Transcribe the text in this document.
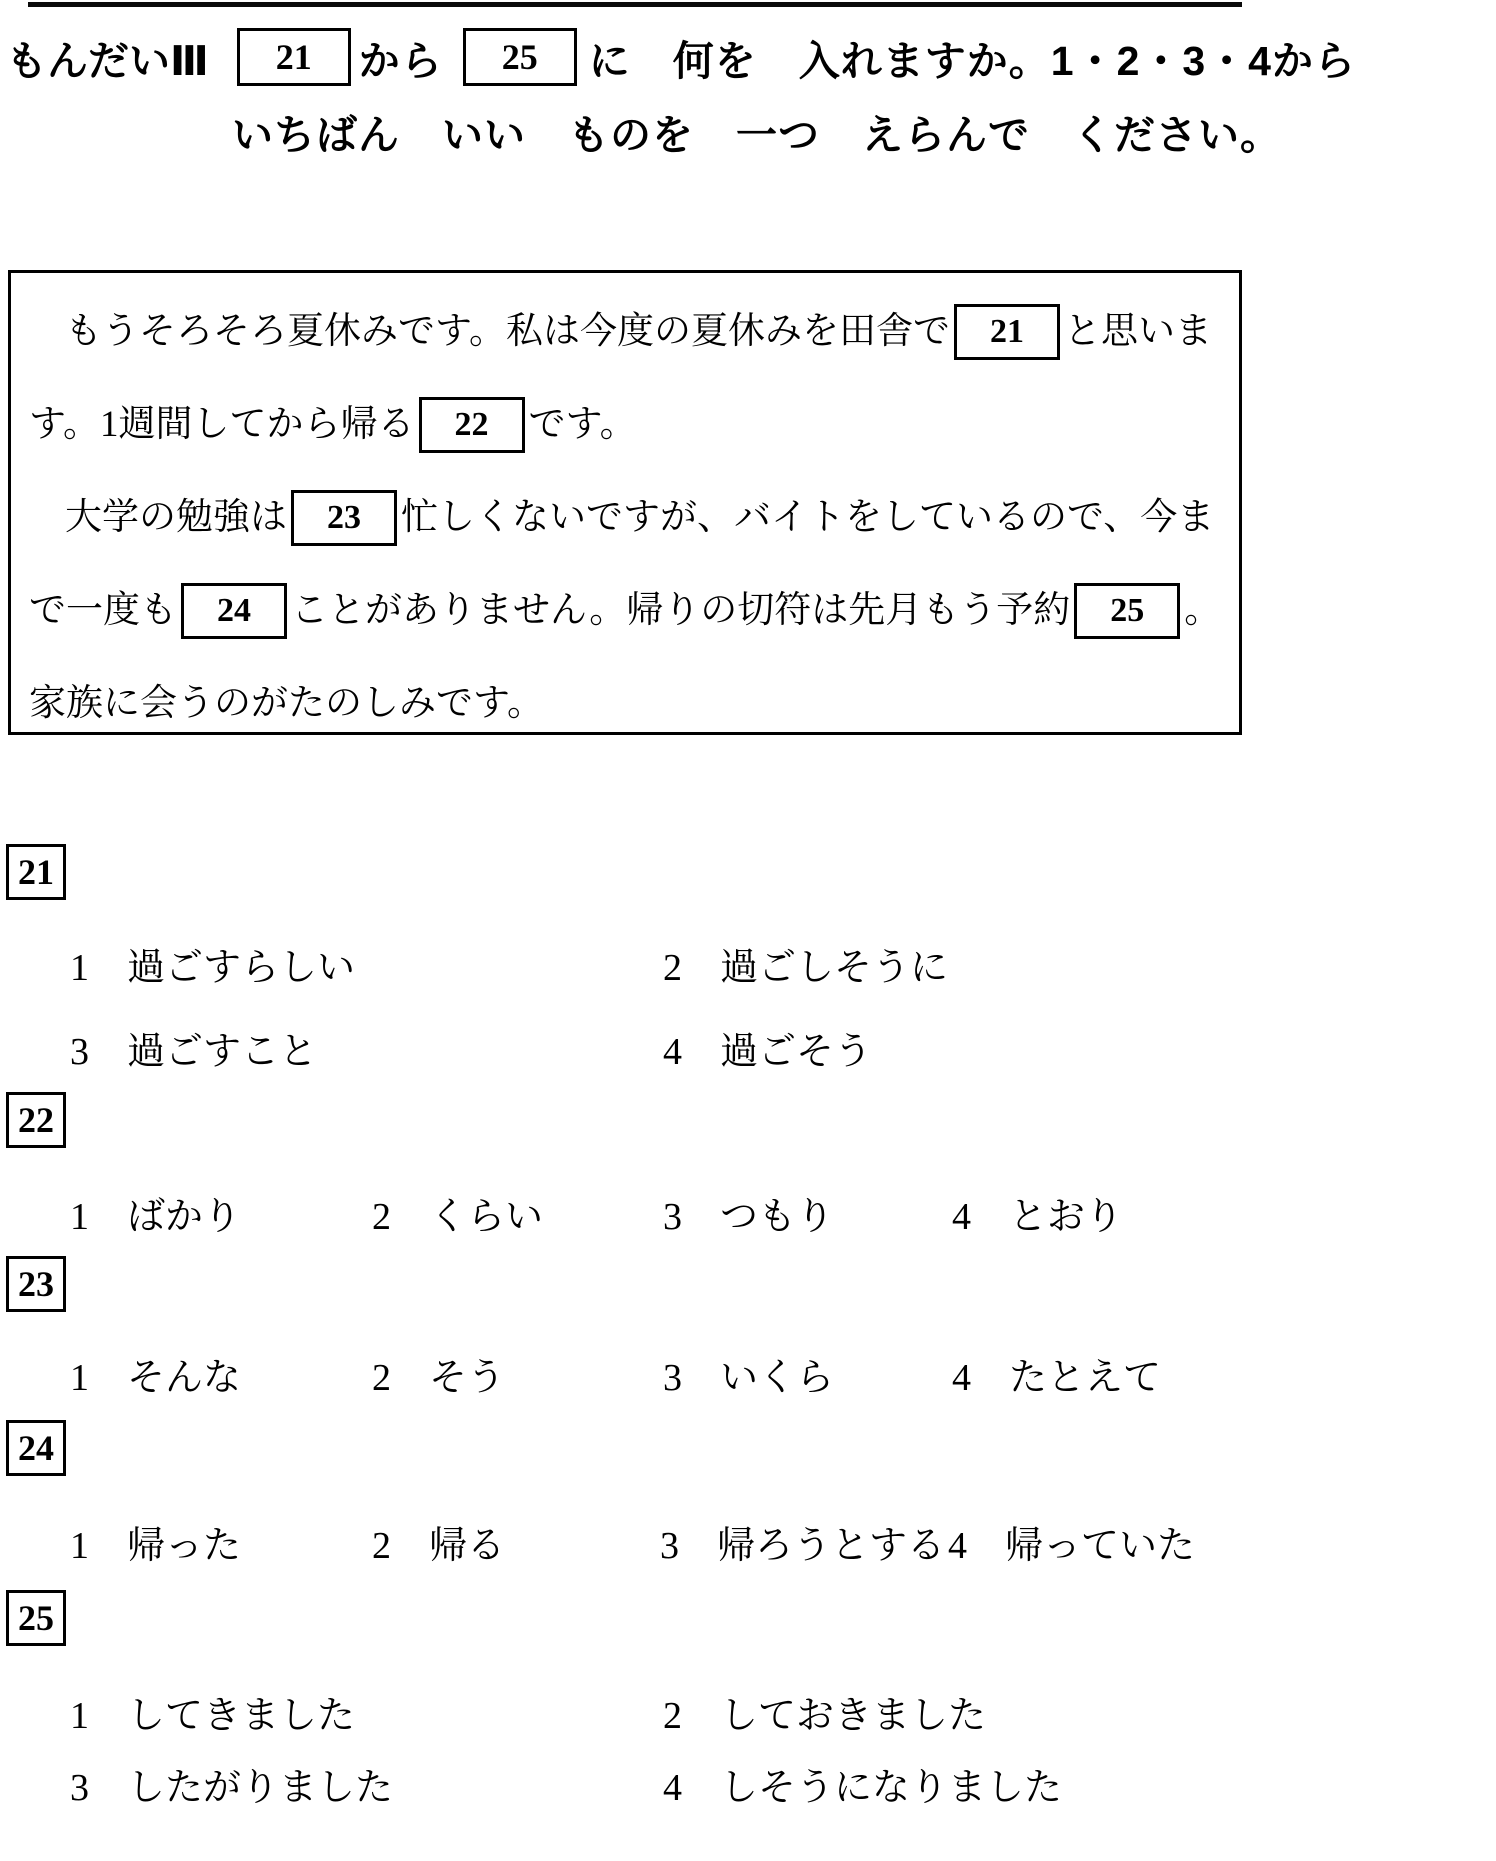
もんだいⅢ 21 から 25 に　何を　入れますか。1・2・3・4から
いちばん　いい　ものを　一つ　えらんで　ください。
もうそろそろ夏休みです。私は今度の夏休みを田舎で 21 と思いま
す。1週間してから帰る 22 です。
大学の勉強は 23 忙しくないですが、バイトをしているので、今ま
で一度も 24 ことがありません。帰りの切符は先月もう予約 25 。
家族に会うのがたのしみです。
21
1 過ごすらしい	2 過ごしそうに
3 過ごすこと	4 過ごそう
22
1 ばかり	2 くらい	3 つもり	4 とおり
23
1 そんな	2 そう	3 いくら	4 たとえて
24
1 帰った	2 帰る	3 帰ろうとする 4 帰っていた
25
1 してきました	2 しておきました
3 したがりました	4 しそうになりました
